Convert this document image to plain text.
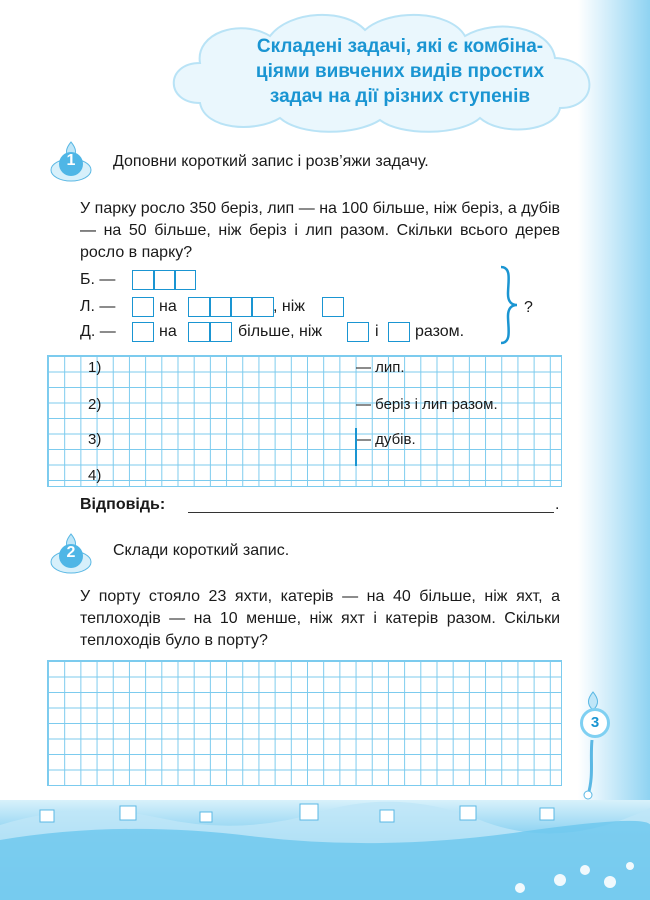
Складені задачі, які є комбіна-
ціями вивчених видів простих
задач на дії різних ступенів
1	Доповни короткий запис і розв’яжи задачу.
У парку росло 350 беріз, лип — на 100 більше, ніж беріз, а дубів — на 50 більше, ніж беріз і лип разом. Скільки всього дерев росло в парку?
Б. —
Л. —	на	, ніж
Д. —	на	більше, ніж	і разом.
?
1)	— лип.
2)	— беріз і лип разом.
3)	— дубів.
4)
Відповідь:	.
2	Склади короткий запис.
У порту стояло 23 яхти, катерів — на 40 більше, ніж яхт, а теплоходів — на 10 менше, ніж яхт і катерів разом. Скільки теплоходів було в порту?
3
